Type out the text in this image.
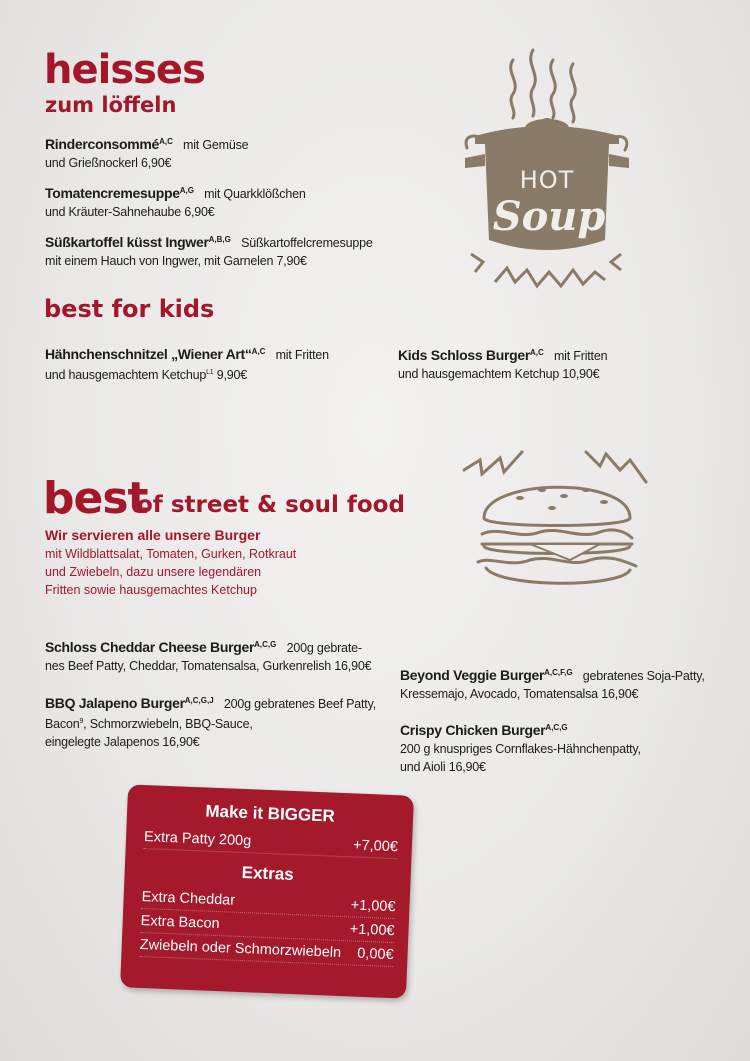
heisses
zum löffeln
Rinderconsommé$^{A,C}$ mit Gemüse
und Grießnockerl 6,90€
Tomatencremesuppe$^{A,G}$ mit Quarkklößchen
und Kräuter-Sahnehaube 6,90€
Süßkartoffel küsst Ingwer$^{A,B,G}$ Süßkartoffelcremesuppe
mit einem Hauch von Ingwer, mit Garnelen 7,90€
HOT
Soup
best for kids
Hähnchenschnitzel „Wiener Art“$^{A,C}$ mit Fritten
und hausgemachtem Ketchup$^{L1}$ 9,90€
Kids Schloss Burger$^{A,C}$ mit Fritten
und hausgemachtem Ketchup 10,90€
best
of street & soul food
Wir servieren alle unsere Burger
mit Wildblattsalat, Tomaten, Gurken, Rotkraut
und Zwiebeln, dazu unsere legendären
Fritten sowie hausgemachtes Ketchup
Schloss Cheddar Cheese Burger$^{A,C,G}$ 200g gebrate-
nes Beef Patty, Cheddar, Tomatensalsa, Gurkenrelish 16,90€
BBQ Jalapeno Burger$^{A,C,G,J}$ 200g gebratenes Beef Patty,
Bacon$^9$, Schmorzwiebeln, BBQ-Sauce,
eingelegte Jalapenos 16,90€
Beyond Veggie Burger$^{A,C,F,G}$ gebratenes Soja-Patty,
Kressemajo, Avocado, Tomatensalsa 16,90€
Crispy Chicken Burger$^{A,C,G}$
200 g knuspriges Cornflakes-Hähnchenpatty,
und Aioli 16,90€
Make it BIGGER
Extra Patty 200g	+7,00€
Extras
Extra Cheddar	+1,00€
Extra Bacon	+1,00€
Zwiebeln oder Schmorzwiebeln 0,00€
